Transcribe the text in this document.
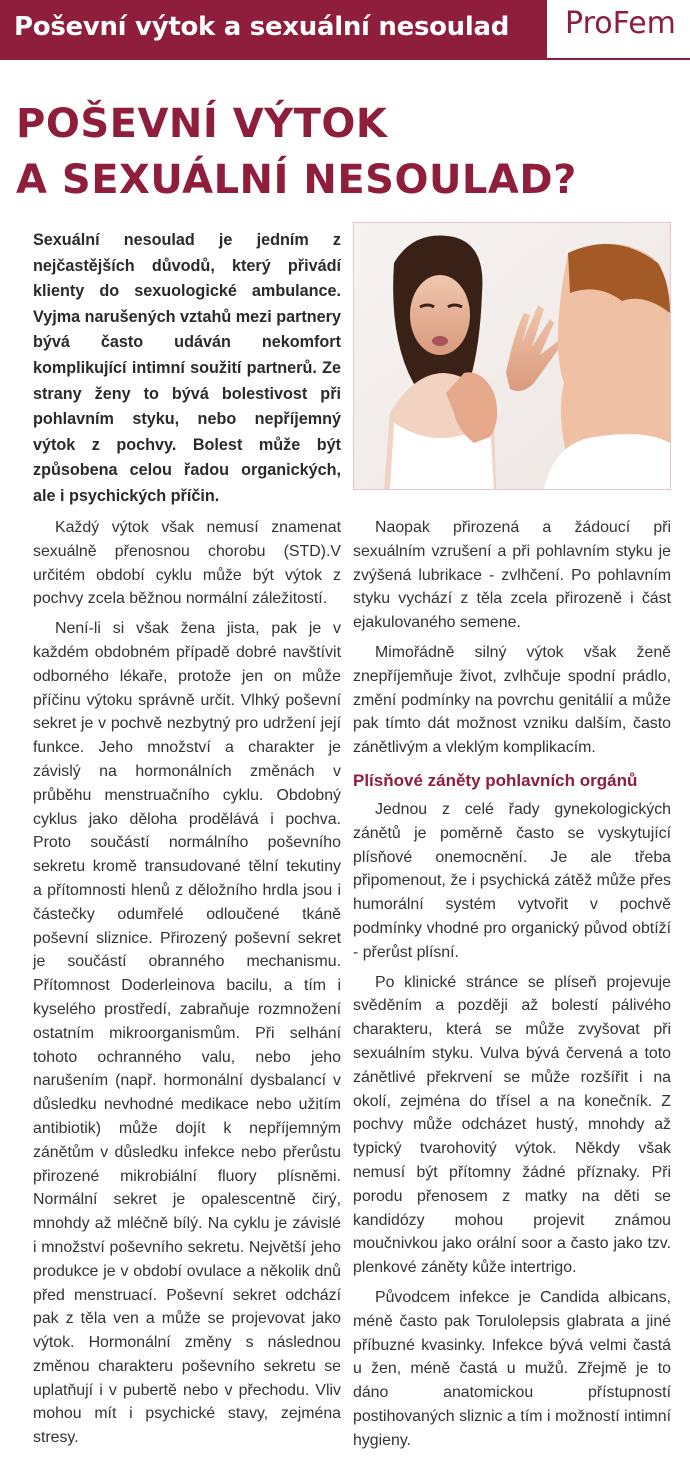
Poševní výtok a sexuální nesoulad ProFem
POŠEVNÍ VÝTOK
A SEXUÁLNÍ NESOULAD?
Sexuální nesoulad je jedním z nejčastějších důvodů, který přivádí klienty do sexuologické ambulance. Vyjma narušených vztahů mezi partnery bývá často udáván nekomfort komplikující intimní soužití partnerů. Ze strany ženy to bývá bolestivost při pohlavním styku, nebo nepříjemný výtok z pochvy. Bolest může být způsobena celou řadou organických, ale i psychických příčin.

Každý výtok však nemusí znamenat sexuálně přenosnou chorobu (STD).V určitém období cyklu může být výtok z pochvy zcela běžnou normální záležitostí.

Není-li si však žena jista, pak je v každém obdobném případě dobré navštívit odborného lékaře, protože jen on může příčinu výtoku správně určit. Vlhký poševní sekret je v pochvě nezbytný pro udržení její funkce. Jeho množství a charakter je závislý na hormonálních změnách v průběhu menstruačního cyklu. Obdobný cyklus jako děloha prodělává i pochva. Proto součástí normálního poševního sekretu kromě transudované tělní tekutiny a přítomnosti hlenů z děložního hrdla jsou i částečky odumřelé odloučené tkáně poševní sliznice. Přirozený poševní sekret je součástí obranného mechanismu. Přítomnost Doderleinova bacilu, a tím i kyselého prostředí, zabraňuje rozmnožení ostatním mikroorganismům. Při selhání tohoto ochranného valu, nebo jeho narušením (např. hormonální dysbalancí v důsledku nevhodné medikace nebo užitím antibiotik) může dojít k nepříjemným zánětům v důsledku infekce nebo přerůstu přirozené mikrobiální fluory plísněmi. Normální sekret je opalescentně čirý, mnohdy až mléčně bílý. Na cyklu je závislé i množství poševního sekretu. Největší jeho produkce je v období ovulace a několik dnů před menstruací. Poševní sekret odchází pak z těla ven a může se projevovat jako výtok. Hormonální změny s následnou změnou charakteru poševního sekretu se uplatňují i v pubertě nebo v přechodu. Vliv mohou mít i psychické stavy, zejména stresy.

Naopak přirozená a žádoucí při sexuálním vzrušení a při pohlavním styku je zvýšená lubrikace - zvlhčení. Po pohlavním styku vychází z těla zcela přirozeně i část ejakulovaného semene.

Mimořádně silný výtok však ženě znepříjemňuje život, zvlhčuje spodní prádlo, změní podmínky na povrchu genitálií a může pak tímto dát možnost vzniku dalším, často zánětlivým a vleklým komplikacím.

Plísňové záněty pohlavních orgánů

Jednou z celé řady gynekologických zánětů je poměrně často se vyskytující plísňové onemocnění. Je ale třeba připomenout, že i psychická zátěž může přes humorální systém vytvořit v pochvě podmínky vhodné pro organický původ obtíží - přerůst plísní.

Po klinické stránce se plíseň projevuje svěděním a později až bolestí pálivého charakteru, která se může zvyšovat při sexuálním styku. Vulva bývá červená a toto zánětlivé překrvení se může rozšířit i na okolí, zejména do třísel a na konečník. Z pochvy může odcházet hustý, mnohdy až typický tvarohovitý výtok. Někdy však nemusí být přítomny žádné příznaky. Při porodu přenosem z matky na děti se kandidózy mohou projevit známou moučnivkou jako orální soor a často jako tzv. plenkové záněty kůže intertrigo.

Původcem infekce je Candida albicans, méně často pak Torulolepsis glabrata a jiné příbuzné kvasinky. Infekce bývá velmi častá u žen, méně častá u mužů. Zřejmě je to dáno anatomickou přístupností postihovaných sliznic a tím i možností intimní hygieny.
